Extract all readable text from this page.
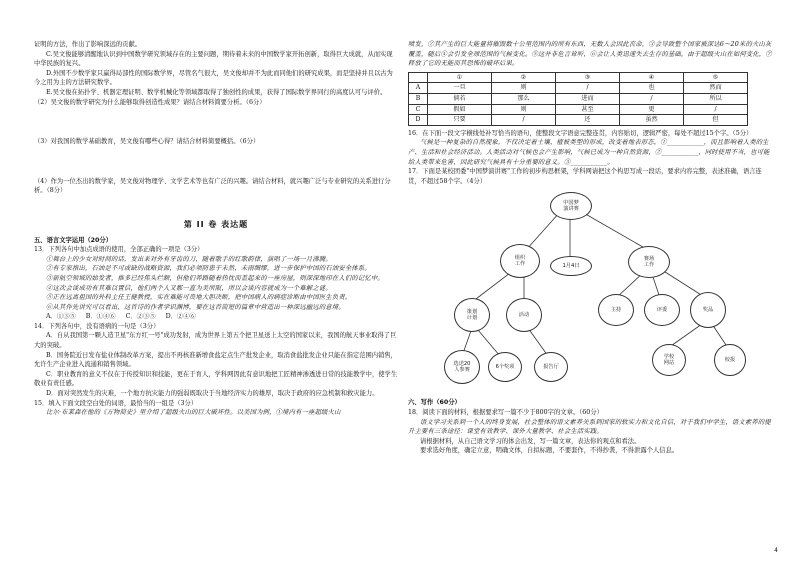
证明的方法，作出了影响深远的贡献。

C.吴文俊能够清醒地认识到中国数学研究领域存在的主要问题，期待着未来的中国数学家开拓创新，取得巨大成就，从而实现中华民族的复兴。

D.外国不少数学家只赢得局部性的国际数学界，尽管名气很大，吴文俊却并不为此而同他们的研究成果，而是坚持并且以古为今之用为主的方法研究数学。

E.吴文俊在拓扑学、机器定理证明、数学机械化等领域都取得了独创性的成果，获得了国际数学界同行的高度认可与评价。

（2）吴文俊的数学研究为什么能够取得创造性成果？请结合材料简要分析。（6分）

（3）对我国的数学基础教育，吴文俊有哪些心得？请结合材料简要概括。（6分）

（4）作为一位杰出的数学家，吴文俊对物理学、文学艺术等也有广泛的兴趣。请结合材料，就兴趣广泛与专业研究的关系进行分析。（8分）

第 II 卷 表达题

五、语言文字运用（20分）

13．下列各句中加点成语的使用，全部正确的一项是（3分）

①舞台上的少女对时间的话，发出来对外有牙齿的刀，随着歌手的红歌韵律，演唱了一场一月沸腾。

②有专家指出，石油是不可或缺的战略资源，我们必须防患于未然，未雨绸缪，进一步保护中国的石油安全体系。

③新航空领域的始发者，推多已经焦头烂额，但他们养路随着热忱而盖起来的一座房屋，则深深地印在人们的记忆中。

④这次会谈成功有其难以置信，他们两个人又都一直为美所限，所以会谈内容就成为一个难解之谜。

⑤正在远离祖国的外科主任王健教授，实在难能可贵地大胆决断，把中国病人的病症诊断由中国医生负责。

⑥从其作先讲究可以看出，这首诗的作者学识渊博，要在这首简短的篇章中营造出一种深远幽远的意境。

A．①③⑤     B．①④⑥     C．②③⑤     D．②④⑥

14．下列各句中，没有语病的一句是（3分）

A．自从我国第一颗人造卫星"东方红一号"成功发射，成为世界上第五个把卫星送上太空的国家以来，我国的航天事业取得了巨大的突破。

B．国务院近日发布盐业体制改革方案，提出不再核准新增食盐定点生产批发企业，取消食盐批发企业只能在指定范围内销售，允许生产企业进入流通和销售领域。

C．职业教育的意义不仅在于传授知识和技能，更在于育人，学科网因此有意识地把工匠精神渗透进日常的技能教学中，使学生敬业有责任感。

D．面对突然发生的灾难，一个地方抗灾能力的强弱既取决于当地经济实力的雄厚，取决于政府的应急机制和救灾能力。

15．填入下面文段空白处的词语，最恰当的一组是（3分）

比尔·布莱森在他的《万物简史》里介绍了超级火山的巨大破坏性。以美国为例，①境内有一座超级火山

喷发，②其产生的巨大能量将摧毁数十公里范围内的所有东西，无数人会因此丧命，③会导致整个国家被深达6～20米的火山灰覆盖，随后④会引发全球范围的气候变化。⑤这并非危言耸听，⑥会让人类迅速失去生存的基础，由于超级火山在如何变化，⑦释放了它的无能而其恐怖的破坏后果。

	①	②	③	④	⑤
A	一旦	则	/	也	然而
B	倘若	那么	进而	/	所以
C	假如	则	甚至	更	/
D	只要	/	还	虽然	但

16．在下面一段文字横线处补写恰当的语句，使整段文字语意完整连贯，内容贴切，逻辑严密，每处不超过15个字。（5分）

气候是一种复杂的自然现象，不仅决定着土壤、植被类型的形成，改变着地表形态，①___________，而且影响着人类的生产、生活和社会经济活动。人类活动对气候也会产生影响，气候已成为一种自然资源，②___________，同时使用不当，也可能给人类带来危害，因此研究气候具有十分重要的意义。③___________。

17．下面是某校团委"中国梦演讲赛"工作的初步构思框架，学科网请把这个构思写成一段话，要求内容完整，表述准确，语言连贯，不超过58个字。（4分）

中国梦
演讲赛
组织
工作	1月4日
赛场
工作
策划
计划
活动
主持	评委	奖品
选送20
人参赛
6个奖项	报告厅
学校
网站
校报

六、写作（60分）

18．阅读下面的材料，根据要求写一篇不少于800字的文章。（60分）

语文学习关系到一个人的终身发展，社会整体的语文素养关系到国家的软实力和文化自信，对于我们中学生，语文素养的提升主要有三条途径：课堂有效教学、课外大量教学、社会生活实践。

请根据材料，从自己语文学习的体会出发，写一篇文章，表达你的观点和看法。

要求选好角度，确定立意，明确文体，自拟标题，不要套作，不得抄袭，不得泄露个人信息。

4
